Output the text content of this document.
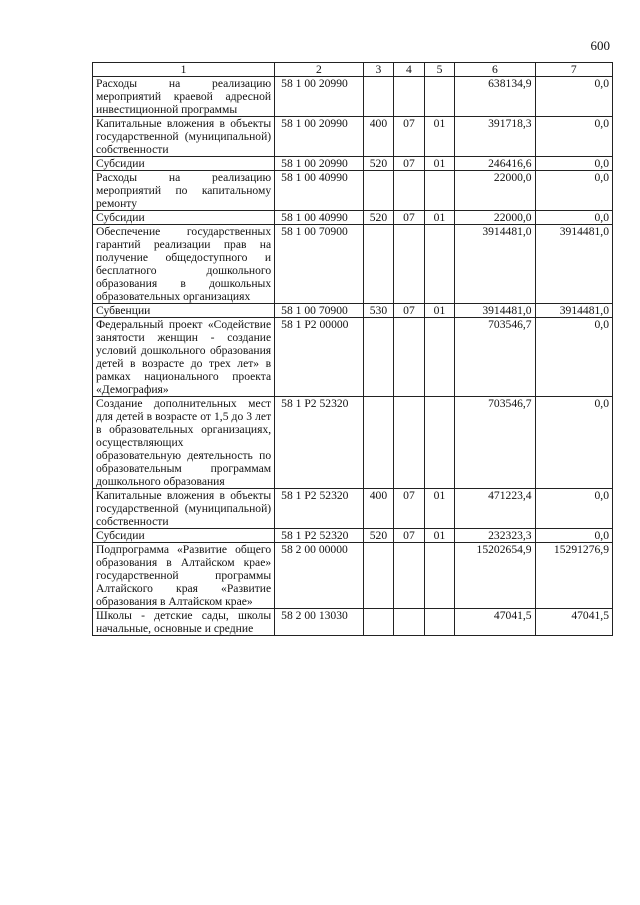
600
1	2	3	4	5	6	7
Расходы на реализацию мероприятий краевой адресной инвестиционной программы	58 1 00 20990				638134,9	0,0
Капитальные вложения в объекты государственной (муниципальной) собственности	58 1 00 20990	400	07	01	391718,3	0,0
Субсидии	58 1 00 20990	520	07	01	246416,6	0,0
Расходы на реализацию мероприятий по капитальному ремонту	58 1 00 40990				22000,0	0,0
Субсидии	58 1 00 40990	520	07	01	22000,0	0,0
Обеспечение государственных гарантий реализации прав на получение общедоступного и бесплатного дошкольного образования в дошкольных образовательных организациях	58 1 00 70900				3914481,0	3914481,0
Субвенции	58 1 00 70900	530	07	01	3914481,0	3914481,0
Федеральный проект «Содействие занятости женщин - создание условий дошкольного образования детей в возрасте до трех лет» в рамках национального проекта «Демография»	58 1 P2 00000				703546,7	0,0
Создание дополнительных мест для детей в возрасте от 1,5 до 3 лет в образовательных организациях, осуществляющих образовательную деятельность по образовательным программам дошкольного образования	58 1 P2 52320				703546,7	0,0
Капитальные вложения в объекты государственной (муниципальной) собственности	58 1 P2 52320	400	07	01	471223,4	0,0
Субсидии	58 1 P2 52320	520	07	01	232323,3	0,0
Подпрограмма «Развитие общего образования в Алтайском крае» государственной программы Алтайского края «Развитие образования в Алтайском крае»	58 2 00 00000				15202654,9	15291276,9
Школы - детские сады, школы начальные, основные и средние	58 2 00 13030				47041,5	47041,5
